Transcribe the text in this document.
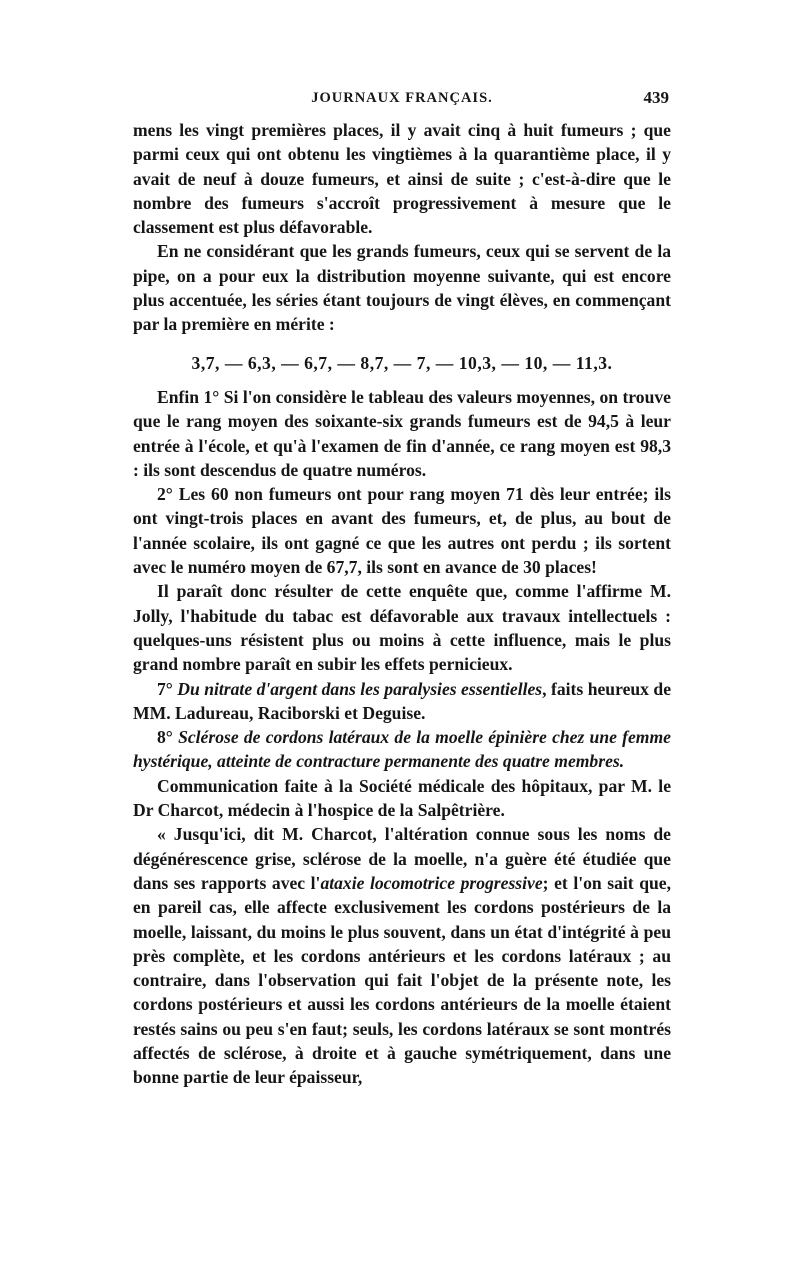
JOURNAUX FRANÇAIS.	439

mens les vingt premières places, il y avait cinq à huit fumeurs ; que parmi ceux qui ont obtenu les vingtièmes à la quarantième place, il y avait de neuf à douze fumeurs, et ainsi de suite ; c'est-à-dire que le nombre des fumeurs s'accroît progressivement à mesure que le classement est plus défavorable.

En ne considérant que les grands fumeurs, ceux qui se servent de la pipe, on a pour eux la distribution moyenne suivante, qui est encore plus accentuée, les séries étant toujours de vingt élèves, en commençant par la première en mérite :

3,7, — 6,3, — 6,7, — 8,7, — 7, — 10,3, — 10, — 11,3.

Enfin 1° Si l'on considère le tableau des valeurs moyennes, on trouve que le rang moyen des soixante-six grands fumeurs est de 94,5 à leur entrée à l'école, et qu'à l'examen de fin d'année, ce rang moyen est 98,3 : ils sont descendus de quatre numéros.

2° Les 60 non fumeurs ont pour rang moyen 71 dès leur entrée; ils ont vingt-trois places en avant des fumeurs, et, de plus, au bout de l'année scolaire, ils ont gagné ce que les autres ont perdu ; ils sortent avec le numéro moyen de 67,7, ils sont en avance de 30 places!

Il paraît donc résulter de cette enquête que, comme l'affirme M. Jolly, l'habitude du tabac est défavorable aux travaux intellectuels : quelques-uns résistent plus ou moins à cette influence, mais le plus grand nombre paraît en subir les effets pernicieux.

7° Du nitrate d'argent dans les paralysies essentielles, faits heureux de MM. Ladureau, Raciborski et Deguise.

8° Sclérose de cordons latéraux de la moelle épinière chez une femme hystérique, atteinte de contracture permanente des quatre membres.

Communication faite à la Société médicale des hôpitaux, par M. le Dr Charcot, médecin à l'hospice de la Salpêtrière.

« Jusqu'ici, dit M. Charcot, l'altération connue sous les noms de dégénérescence grise, sclérose de la moelle, n'a guère été étudiée que dans ses rapports avec l'ataxie locomotrice progressive; et l'on sait que, en pareil cas, elle affecte exclusivement les cordons postérieurs de la moelle, laissant, du moins le plus souvent, dans un état d'intégrité à peu près complète, et les cordons antérieurs et les cordons latéraux ; au contraire, dans l'observation qui fait l'objet de la présente note, les cordons postérieurs et aussi les cordons antérieurs de la moelle étaient restés sains ou peu s'en faut; seuls, les cordons latéraux se sont montrés affectés de sclérose, à droite et à gauche symétriquement, dans une bonne partie de leur épaisseur,
